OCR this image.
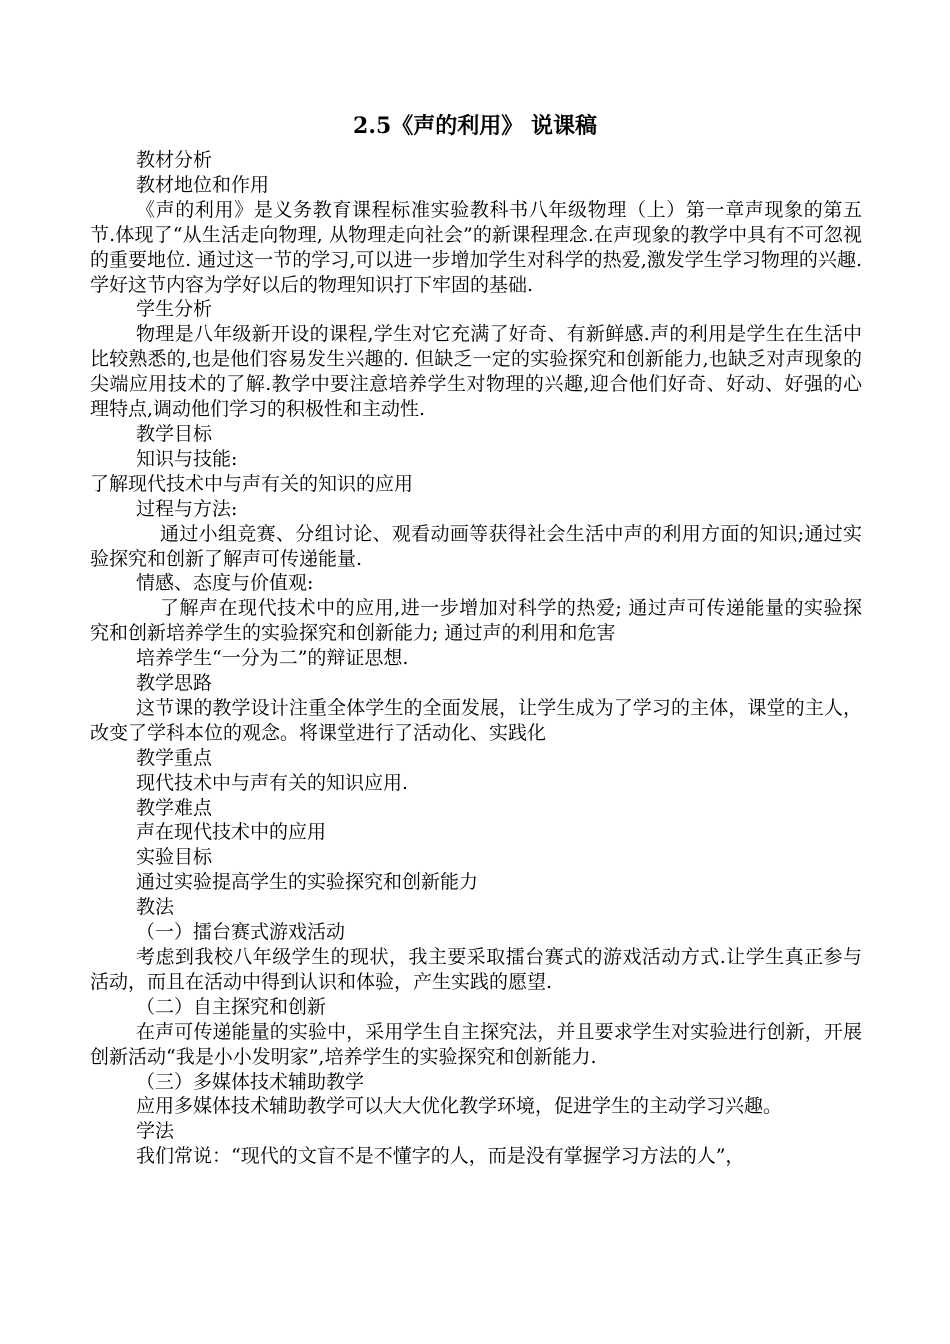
2.5《声的利用》 说课稿

教材分析

教材地位和作用

《声的利用》是义务教育课程标准实验教科书八年级物理（上）第一章声现象的第五节.体现了“从生活走向物理, 从物理走向社会”的新课程理念.在声现象的教学中具有不可忽视的重要地位. 通过这一节的学习,可以进一步增加学生对科学的热爱,激发学生学习物理的兴趣.学好这节内容为学好以后的物理知识打下牢固的基础.

学生分析

物理是八年级新开设的课程,学生对它充满了好奇、有新鲜感.声的利用是学生在生活中比较熟悉的,也是他们容易发生兴趣的. 但缺乏一定的实验探究和创新能力,也缺乏对声现象的尖端应用技术的了解.教学中要注意培养学生对物理的兴趣,迎合他们好奇、好动、好强的心理特点,调动他们学习的积极性和主动性.

教学目标

知识与技能:

了解现代技术中与声有关的知识的应用

过程与方法:

通过小组竞赛、分组讨论、观看动画等获得社会生活中声的利用方面的知识;通过实验探究和创新了解声可传递能量.

情感、态度与价值观:

了解声在现代技术中的应用,进一步增加对科学的热爱; 通过声可传递能量的实验探究和创新培养学生的实验探究和创新能力; 通过声的利用和危害

培养学生“一分为二”的辩证思想.

教学思路

这节课的教学设计注重全体学生的全面发展，让学生成为了学习的主体，课堂的主人，改变了学科本位的观念。将课堂进行了活动化、实践化

教学重点

现代技术中与声有关的知识应用.

教学难点

声在现代技术中的应用

实验目标

通过实验提高学生的实验探究和创新能力

教法

（一）擂台赛式游戏活动

考虑到我校八年级学生的现状，我主要采取擂台赛式的游戏活动方式.让学生真正参与活动，而且在活动中得到认识和体验，产生实践的愿望.

（二）自主探究和创新

在声可传递能量的实验中，采用学生自主探究法，并且要求学生对实验进行创新，开展创新活动“我是小小发明家”,培养学生的实验探究和创新能力.

（三）多媒体技术辅助教学

应用多媒体技术辅助教学可以大大优化教学环境，促进学生的主动学习兴趣。

学法

我们常说：“现代的文盲不是不懂字的人，而是没有掌握学习方法的人”，
